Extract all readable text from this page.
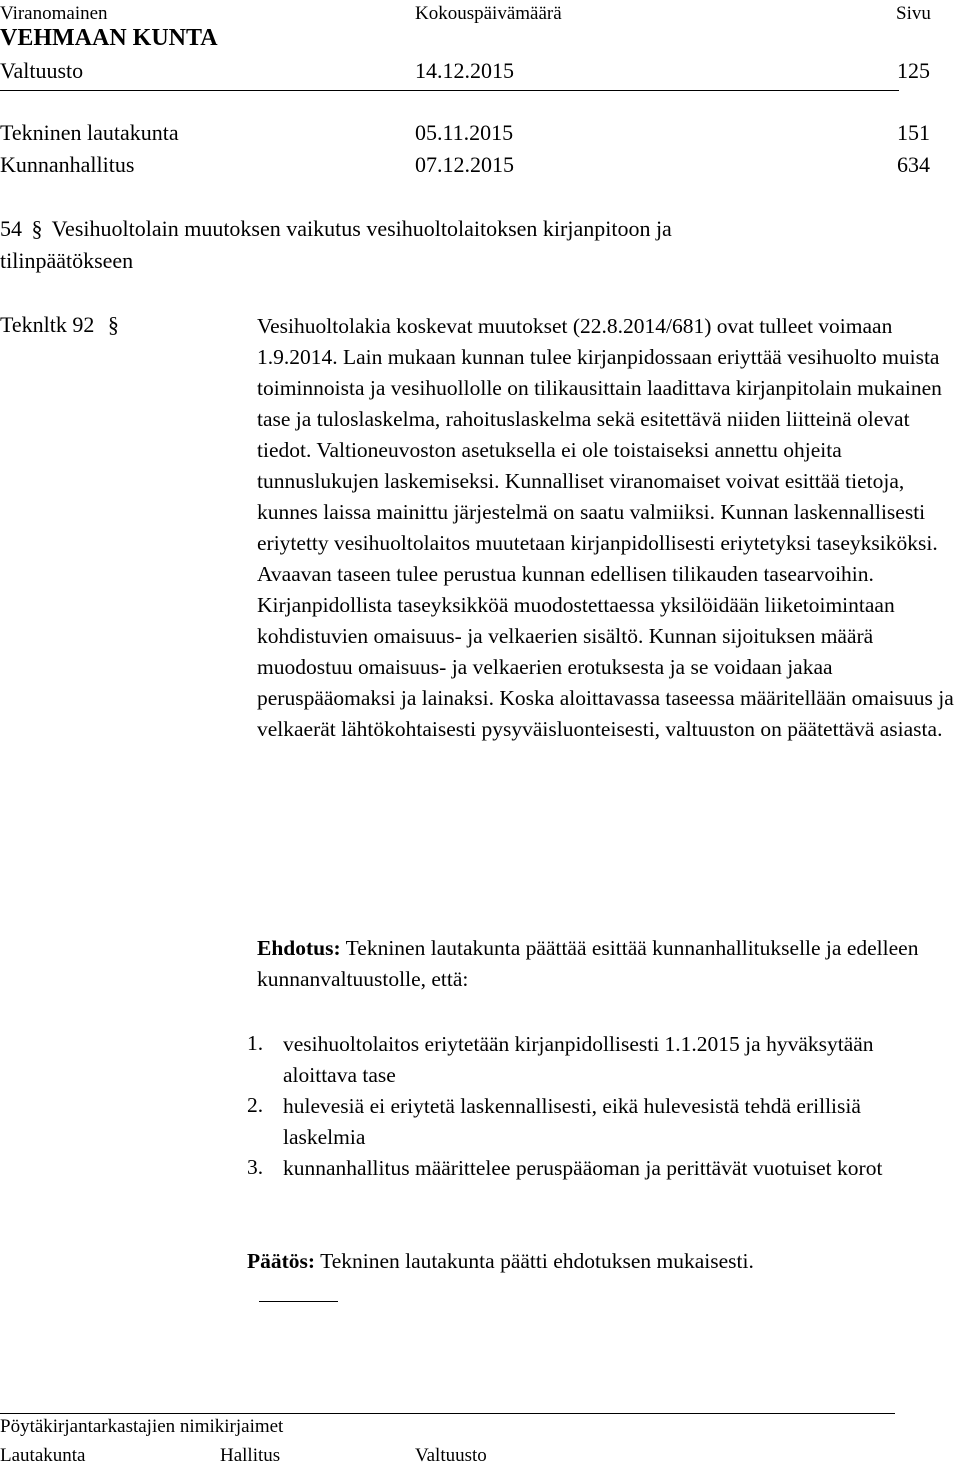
Viranomainen	Kokouspäivämäärä	Sivu
VEHMAAN KUNTA
Valtuusto	14.12.2015	125
Tekninen lautakunta	05.11.2015	151
Kunnanhallitus	07.12.2015	634
54 § Vesihuoltolain muutoksen vaikutus vesihuoltolaitoksen kirjanpitoon ja
tilinpäätökseen
Teknltk 92 §	Vesihuoltolakia koskevat muutokset (22.8.2014/681) ovat tulleet voimaan 1.9.2014. Lain mukaan kunnan tulee kirjanpidossaan eriyttää vesihuolto muista toiminnoista ja vesihuollolle on tilikausittain laadittava kirjanpitolain mukainen tase ja tuloslaskelma, rahoituslaskelma sekä esitettävä niiden liitteinä olevat tiedot. Valtioneuvoston asetuksella ei ole toistaiseksi annettu ohjeita tunnuslukujen laskemiseksi. Kunnalliset viranomaiset voivat esittää tietoja, kunnes laissa mainittu järjestelmä on saatu valmiiksi. Kunnan laskennallisesti eriytetty vesihuoltolaitos muutetaan kirjanpidollisesti eriytetyksi taseyksiköksi. Avaavan taseen tulee perustua kunnan edellisen tilikauden tasearvoihin. Kirjanpidollista taseyksikköä muodostettaessa yksilöidään liiketoimintaan kohdistuvien omaisuus- ja velkaerien sisältö. Kunnan sijoituksen määrä muodostuu omaisuus- ja velkaerien erotuksesta ja se voidaan jakaa peruspääomaksi ja lainaksi. Koska aloittavassa taseessa määritellään omaisuus ja velkaerät lähtökohtaisesti pysyväisluonteisesti, valtuuston on päätettävä asiasta.
Ehdotus: Tekninen lautakunta päättää esittää kunnanhallitukselle ja edelleen kunnanvaltuustolle, että:
1. vesihuoltolaitos eriytetään kirjanpidollisesti 1.1.2015 ja hyväksytään aloittava tase
2. hulevesiä ei eriytetä laskennallisesti, eikä hulevesistä tehdä erillisiä laskelmia
3. kunnanhallitus määrittelee peruspääoman ja perittävät vuotuiset korot
Päätös: Tekninen lautakunta päätti ehdotuksen mukaisesti.
Pöytäkirjantarkastajien nimikirjaimet
Lautakunta	Hallitus	Valtuusto
